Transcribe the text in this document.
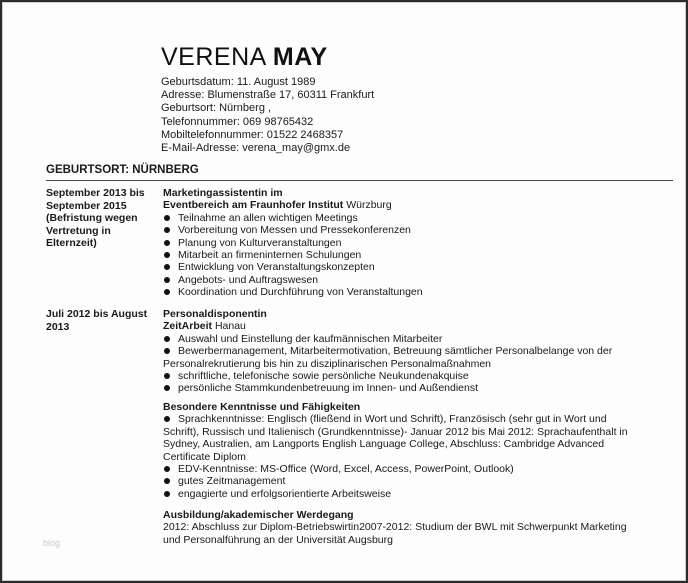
VERENA MAY
Geburtsdatum: 11. August 1989
Adresse: Blumenstraße 17, 60311 Frankfurt
Geburtsort: Nürnberg ,
Telefonnummer: 069 98765432
Mobiltelefonnummer: 01522 2468357
E-Mail-Adresse: verena_may@gmx.de
GEBURTSORT: NÜRNBERG
September 2013 bis September 2015 (Befristung wegen Vertretung in Elternzeit)
Marketingassistentin im
Eventbereich am Fraunhofer Institut Würzburg
Teilnahme an allen wichtigen Meetings
Vorbereitung von Messen und Pressekonferenzen
Planung von Kulturveranstaltungen
Mitarbeit an firmeninternen Schulungen
Entwicklung von Veranstaltungskonzepten
Angebots- und Auftragswesen
Koordination und Durchführung von Veranstaltungen
Juli 2012 bis August 2013
Personaldisponentin
ZeitArbeit Hanau
Auswahl und Einstellung der kaufmännischen Mitarbeiter
Bewerbermanagement, Mitarbeitermotivation, Betreuung sämtlicher Personalbelange von der Personalrekrutierung bis hin zu disziplinarischen Personalmaßnahmen
schriftliche, telefonische sowie persönliche Neukundenakquise
persönliche Stammkundenbetreuung im Innen- und Außendienst
Besondere Kenntnisse und Fähigkeiten
Sprachkenntnisse: Englisch (fließend in Wort und Schrift), Französisch (sehr gut in Wort und Schrift), Russisch und Italienisch (Grundkenntnisse)- Januar 2012 bis Mai 2012: Sprachaufenthalt in Sydney, Australien, am Langports English Language College, Abschluss: Cambridge Advanced Certificate Diplom
EDV-Kenntnisse: MS-Office (Word, Excel, Access, PowerPoint, Outlook)
gutes Zeitmanagement
engagierte und erfolgsorientierte Arbeitsweise
Ausbildung/akademischer Werdegang

2012: Abschluss zur Diplom-Betriebswirtin2007-2012: Studium der BWL mit Schwerpunkt Marketing und Personalführung an der Universität Augsburg

blog
